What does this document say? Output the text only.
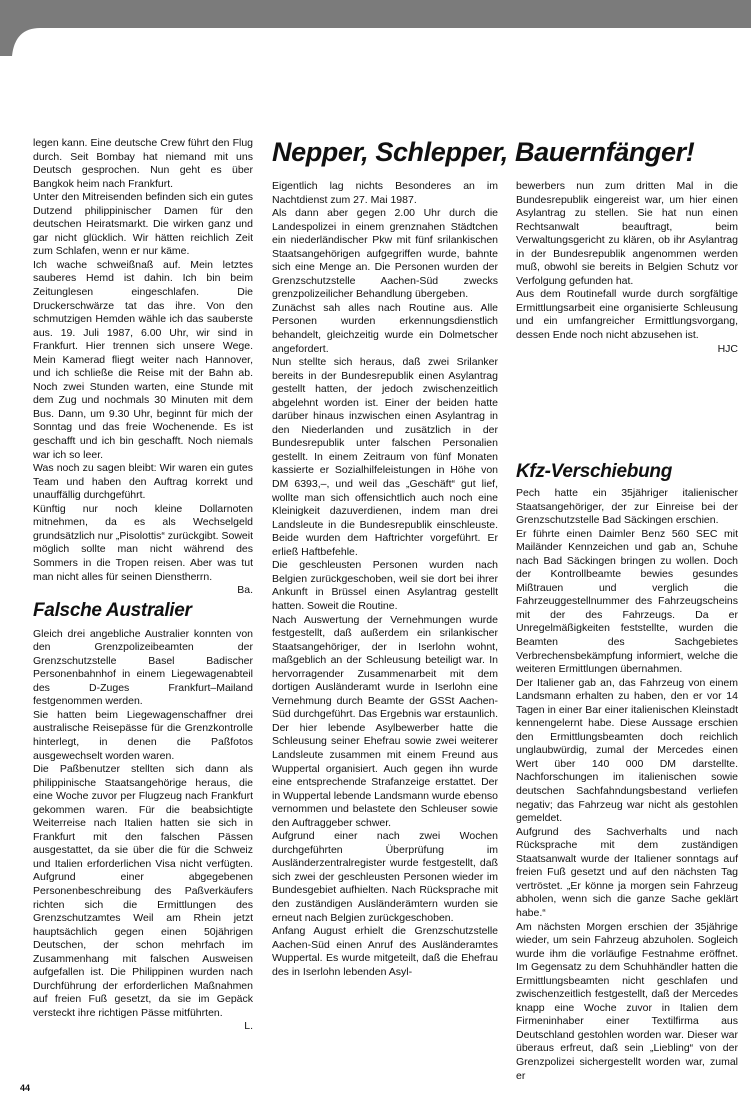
legen kann. Eine deutsche Crew führt den Flug durch. Seit Bombay hat niemand mit uns Deutsch gesprochen. Nun geht es über Bangkok heim nach Frankfurt.

Unter den Mitreisenden befinden sich ein gutes Dutzend philippinischer Damen für den deutschen Heiratsmarkt. Die wirken ganz und gar nicht glücklich. Wir hätten reichlich Zeit zum Schlafen, wenn er nur käme.

Ich wache schweißnaß auf. Mein letztes sauberes Hemd ist dahin. Ich bin beim Zeitunglesen eingeschlafen. Die Druckerschwärze tat das ihre. Von den schmutzigen Hemden wähle ich das sauberste aus. 19. Juli 1987, 6.00 Uhr, wir sind in Frankfurt. Hier trennen sich unsere Wege. Mein Kamerad fliegt weiter nach Hannover, und ich schließe die Reise mit der Bahn ab. Noch zwei Stunden warten, eine Stunde mit dem Zug und nochmals 30 Minuten mit dem Bus. Dann, um 9.30 Uhr, beginnt für mich der Sonntag und das freie Wochenende. Es ist geschafft und ich bin geschafft. Noch niemals war ich so leer.

Was noch zu sagen bleibt: Wir waren ein gutes Team und haben den Auftrag korrekt und unauffällig durchgeführt.

Künftig nur noch kleine Dollarnoten mitnehmen, da es als Wechselgeld grundsätzlich nur „Pisolottis“ zurückgibt. Soweit möglich sollte man nicht während des Sommers in die Tropen reisen. Aber was tut man nicht alles für seinen Dienstherrn.

Ba.

Falsche Australier

Gleich drei angebliche Australier konnten von den Grenzpolizeibeamten der Grenzschutzstelle Basel Badischer Personenbahnhof in einem Liegewagenabteil des D-Zuges Frankfurt–Mailand festgenommen werden.

Sie hatten beim Liegewagenschaffner drei australische Reisepässe für die Grenzkontrolle hinterlegt, in denen die Paßfotos ausgewechselt worden waren.

Die Paßbenutzer stellten sich dann als philippinische Staatsangehörige heraus, die eine Woche zuvor per Flugzeug nach Frankfurt gekommen waren. Für die beabsichtigte Weiterreise nach Italien hatten sie sich in Frankfurt mit den falschen Pässen ausgestattet, da sie über die für die Schweiz und Italien erforderlichen Visa nicht verfügten. Aufgrund einer abgegebenen Personenbeschreibung des Paßverkäufers richten sich die Ermittlungen des Grenzschutzamtes Weil am Rhein jetzt hauptsächlich gegen einen 50jährigen Deutschen, der schon mehrfach im Zusammenhang mit falschen Ausweisen aufgefallen ist. Die Philippinen wurden nach Durchführung der erforderlichen Maßnahmen auf freien Fuß gesetzt, da sie im Gepäck versteckt ihre richtigen Pässe mitführten.

L.

Nepper, Schlepper, Bauernfänger!

Eigentlich lag nichts Besonderes an im Nachtdienst zum 27. Mai 1987.

Als dann aber gegen 2.00 Uhr durch die Landespolizei in einem grenznahen Städtchen ein niederländischer Pkw mit fünf srilankischen Staatsangehörigen aufgegriffen wurde, bahnte sich eine Menge an. Die Personen wurden der Grenzschutzstelle Aachen-Süd zwecks grenzpolizeilicher Behandlung übergeben.

Zunächst sah alles nach Routine aus. Alle Personen wurden erkennungsdienstlich behandelt, gleichzeitig wurde ein Dolmetscher angefordert.

Nun stellte sich heraus, daß zwei Srilanker bereits in der Bundesrepublik einen Asylantrag gestellt hatten, der jedoch zwischenzeitlich abgelehnt worden ist. Einer der beiden hatte darüber hinaus inzwischen einen Asylantrag in den Niederlanden und zusätzlich in der Bundesrepublik unter falschen Personalien gestellt. In einem Zeitraum von fünf Monaten kassierte er Sozialhilfeleistungen in Höhe von DM 6393,–, und weil das „Geschäft“ gut lief, wollte man sich offensichtlich auch noch eine Kleinigkeit dazuverdienen, indem man drei Landsleute in die Bundesrepublik einschleuste. Beide wurden dem Haftrichter vorgeführt. Er erließ Haftbefehle.

Die geschleusten Personen wurden nach Belgien zurückgeschoben, weil sie dort bei ihrer Ankunft in Brüssel einen Asylantrag gestellt hatten. Soweit die Routine.

Nach Auswertung der Vernehmungen wurde festgestellt, daß außerdem ein srilankischer Staatsangehöriger, der in Iserlohn wohnt, maßgeblich an der Schleusung beteiligt war. In hervorragender Zusammenarbeit mit dem dortigen Ausländeramt wurde in Iserlohn eine Vernehmung durch Beamte der GSSt Aachen-Süd durchgeführt. Das Ergebnis war erstaunlich. Der hier lebende Asylbewerber hatte die Schleusung seiner Ehefrau sowie zwei weiterer Landsleute zusammen mit einem Freund aus Wuppertal organisiert. Auch gegen ihn wurde eine entsprechende Strafanzeige erstattet. Der in Wuppertal lebende Landsmann wurde ebenso vernommen und belastete den Schleuser sowie den Auftraggeber schwer.

Aufgrund einer nach zwei Wochen durchgeführten Überprüfung im Ausländerzentralregister wurde festgestellt, daß sich zwei der geschleusten Personen wieder im Bundesgebiet aufhielten. Nach Rücksprache mit den zuständigen Ausländerämtern wurden sie erneut nach Belgien zurückgeschoben.

Anfang August erhielt die Grenzschutzstelle Aachen-Süd einen Anruf des Ausländeramtes Wuppertal. Es wurde mitgeteilt, daß die Ehefrau des in Iserlohn lebenden Asyl-

bewerbers nun zum dritten Mal in die Bundesrepublik eingereist war, um hier einen Asylantrag zu stellen. Sie hat nun einen Rechtsanwalt beauftragt, beim Verwaltungsgericht zu klären, ob ihr Asylantrag in der Bundesrepublik angenommen werden muß, obwohl sie bereits in Belgien Schutz vor Verfolgung gefunden hat.

Aus dem Routinefall wurde durch sorgfältige Ermittlungsarbeit eine organisierte Schleusung und ein umfangreicher Ermittlungsvorgang, dessen Ende noch nicht abzusehen ist.

HJC

Kfz-Verschiebung

Pech hatte ein 35jähriger italienischer Staatsangehöriger, der zur Einreise bei der Grenzschutzstelle Bad Säckingen erschien.

Er führte einen Daimler Benz 560 SEC mit Mailänder Kennzeichen und gab an, Schuhe nach Bad Säckingen bringen zu wollen. Doch der Kontrollbeamte bewies gesundes Mißtrauen und verglich die Fahrzeuggestellnummer des Fahrzeugscheins mit der des Fahrzeugs. Da er Unregelmäßigkeiten feststellte, wurden die Beamten des Sachgebietes Verbrechensbekämpfung informiert, welche die weiteren Ermittlungen übernahmen.

Der Italiener gab an, das Fahrzeug von einem Landsmann erhalten zu haben, den er vor 14 Tagen in einer Bar einer italienischen Kleinstadt kennengelernt habe. Diese Aussage erschien den Ermittlungsbeamten doch reichlich unglaubwürdig, zumal der Mercedes einen Wert über 140 000 DM darstellte. Nachforschungen im italienischen sowie deutschen Sachfahndungsbestand verliefen negativ; das Fahrzeug war nicht als gestohlen gemeldet.

Aufgrund des Sachverhalts und nach Rücksprache mit dem zuständigen Staatsanwalt wurde der Italiener sonntags auf freien Fuß gesetzt und auf den nächsten Tag vertröstet. „Er könne ja morgen sein Fahrzeug abholen, wenn sich die ganze Sache geklärt habe.“

Am nächsten Morgen erschien der 35jährige wieder, um sein Fahrzeug abzuholen. Sogleich wurde ihm die vorläufige Festnahme eröffnet. Im Gegensatz zu dem Schuhhändler hatten die Ermittlungsbeamten nicht geschlafen und zwischenzeitlich festgestellt, daß der Mercedes knapp eine Woche zuvor in Italien dem Firmeninhaber einer Textilfirma aus Deutschland gestohlen worden war. Dieser war überaus erfreut, daß sein „Liebling“ von der Grenzpolizei sichergestellt worden war, zumal er

44
